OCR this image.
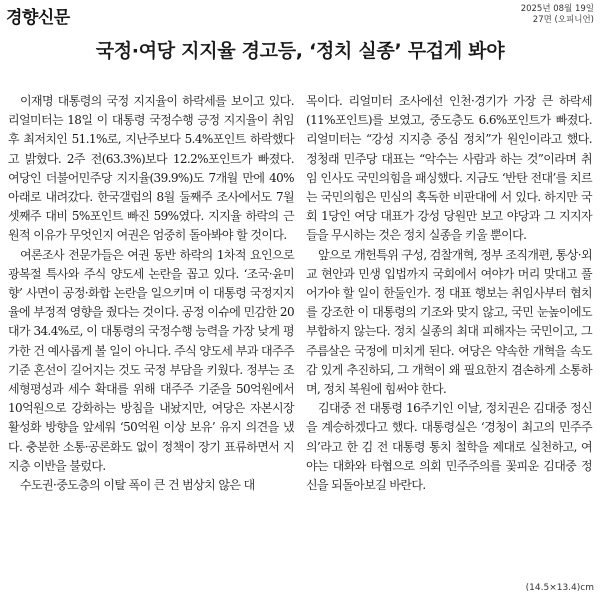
경향신문	2025년 08월 19일
27면 (오피니언)
국정·여당 지지율 경고등, ‘정치 실종’ 무겁게 봐야

이재명 대통령의 국정 지지율이 하락세를 보이고 있다. 리얼미터는 18일 이 대통령 국정수행 긍정 지지율이 취임 후 최저치인 51.1%로, 지난주보다 5.4%포인트 하락했다고 밝혔다. 2주 전(63.3%)보다 12.2%포인트가 빠졌다. 여당인 더불어민주당 지지율(39.9%)도 7개월 만에 40% 아래로 내려갔다. 한국갤럽의 8월 둘째주 조사에서도 7월 셋째주 대비 5%포인트 빠진 59%였다. 지지율 하락의 근원적 이유가 무엇인지 여권은 엄중히 돌아봐야 할 것이다.

여론조사 전문가들은 여권 동반 하락의 1차적 요인으로 광복절 특사와 주식 양도세 논란을 꼽고 있다. ‘조국·윤미향’ 사면이 공정·화합 논란을 일으키며 이 대통령 국정지지율에 부정적 영향을 줬다는 것이다. 공정 이슈에 민감한 20대가 34.4%로, 이 대통령의 국정수행 능력을 가장 낮게 평가한 건 예사롭게 볼 일이 아니다. 주식 양도세 부과 대주주 기준 혼선이 길어지는 것도 국정 부담을 키웠다. 정부는 조세형평성과 세수 확대를 위해 대주주 기준을 50억원에서 10억원으로 강화하는 방침을 내놨지만, 여당은 자본시장 활성화 방향을 앞세워 ‘50억원 이상 보유’ 유지 의견을 냈다. 충분한 소통·공론화도 없이 정책이 장기 표류하면서 지지층 이반을 불렀다.

수도권·중도층의 이탈 폭이 큰 건 범상치 않은 대

목이다. 리얼미터 조사에선 인천·경기가 가장 큰 하락세(11%포인트)를 보였고, 중도층도 6.6%포인트가 빠졌다. 리얼미터는 “강성 지지층 중심 정치”가 원인이라고 했다. 정청래 민주당 대표는 “악수는 사람과 하는 것”이라며 취임 인사도 국민의힘을 패싱했다. 지금도 ‘반탄 전대’를 치르는 국민의힘은 민심의 혹독한 비판대에 서 있다. 하지만 국회 1당인 여당 대표가 강성 당원만 보고 야당과 그 지지자들을 무시하는 것은 정치 실종을 키울 뿐이다.

앞으로 개헌특위 구성, 검찰개혁, 정부 조직개편, 통상·외교 현안과 민생 입법까지 국회에서 여야가 머리 맞대고 풀어가야 할 일이 한둘인가. 정 대표 행보는 취임사부터 협치를 강조한 이 대통령의 기조와 맞지 않고, 국민 눈높이에도 부합하지 않는다. 정치 실종의 최대 피해자는 국민이고, 그 주름살은 국정에 미치게 된다. 여당은 약속한 개혁을 속도감 있게 추진하되, 그 개혁이 왜 필요한지 겸손하게 소통하며, 정치 복원에 힘써야 한다.

김대중 전 대통령 16주기인 이날, 정치권은 김대중 정신을 계승하겠다고 했다. 대통령실은 ‘경청이 최고의 민주주의’라고 한 김 전 대통령 통치 철학을 제대로 실천하고, 여야는 대화와 타협으로 의회 민주주의를 꽃피운 김대중 정신을 되돌아보길 바란다.

(14.5×13.4)cm
